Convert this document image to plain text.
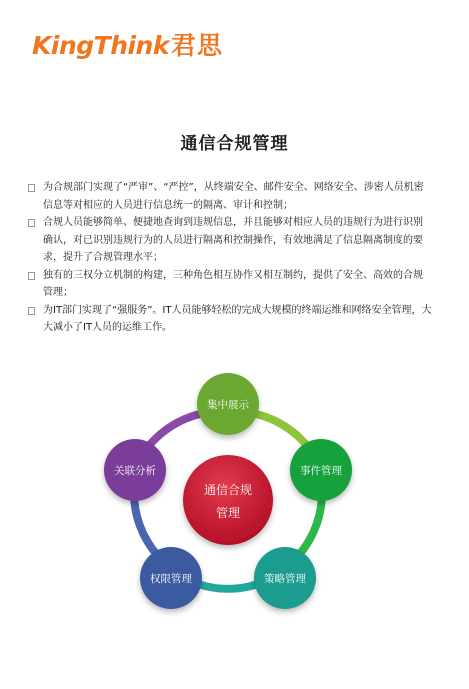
KingThink君思
通信合规管理
为合规部门实现了“严审”、“严控”，从终端安全、邮件安全、网络安全、涉密人员机密信息等对相应的人员进行信息统一的隔离、审计和控制；
合规人员能够简单、便捷地查询到违规信息，并且能够对相应人员的违规行为进行识别确认，对已识别违规行为的人员进行隔离和控制操作，有效地满足了信息隔离制度的要求，提升了合规管理水平；
独有的三权分立机制的构建，三种角色相互协作又相互制约，提供了安全、高效的合规管理；
为IT部门实现了“强服务”。IT人员能够轻松的完成大规模的终端运维和网络安全管理，大大减小了IT人员的运维工作。
通信合规
管理
集中展示
事件管理
策略管理
权限管理
关联分析
